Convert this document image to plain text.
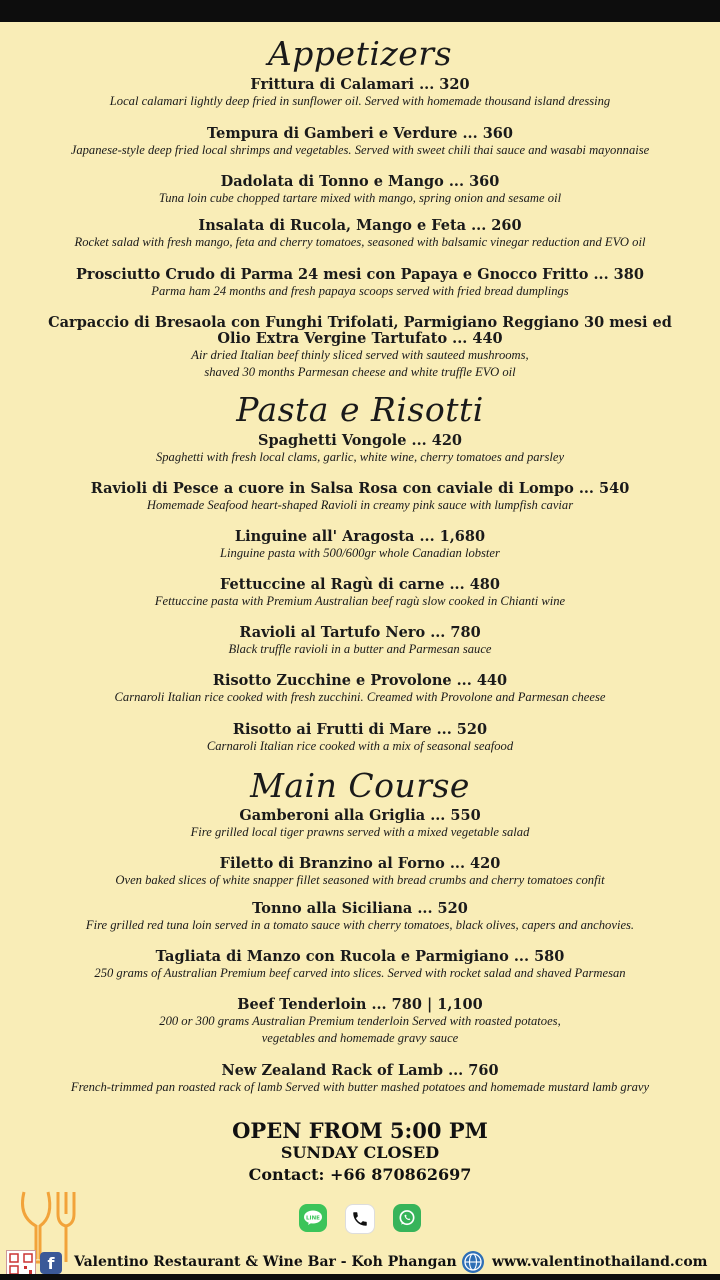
Appetizers
Frittura di Calamari ... 320
Local calamari lightly deep fried in sunflower oil. Served with homemade thousand island dressing
Tempura di Gamberi e Verdure ... 360
Japanese-style deep fried local shrimps and vegetables. Served with sweet chili thai sauce and wasabi mayonnaise
Dadolata di Tonno e Mango ... 360
Tuna loin cube chopped tartare mixed with mango, spring onion and sesame oil
Insalata di Rucola, Mango e Feta ... 260
Rocket salad with fresh mango, feta and cherry tomatoes, seasoned with balsamic vinegar reduction and EVO oil
Prosciutto Crudo di Parma 24 mesi con Papaya e Gnocco Fritto ... 380
Parma ham 24 months and fresh papaya scoops served with fried bread dumplings
Carpaccio di Bresaola con Funghi Trifolati, Parmigiano Reggiano 30 mesi ed
Olio Extra Vergine Tartufato ... 440
Air dried Italian beef thinly sliced served with sauteed mushrooms,
shaved 30 months Parmesan cheese and white truffle EVO oil
Pasta e Risotti
Spaghetti Vongole ... 420
Spaghetti with fresh local clams, garlic, white wine, cherry tomatoes and parsley
Ravioli di Pesce a cuore in Salsa Rosa con caviale di Lompo ... 540
Homemade Seafood heart-shaped Ravioli in creamy pink sauce with lumpfish caviar
Linguine all' Aragosta ... 1,680
Linguine pasta with 500/600gr whole Canadian lobster
Fettuccine al Ragù di carne ... 480
Fettuccine pasta with Premium Australian beef ragù slow cooked in Chianti wine
Ravioli al Tartufo Nero ... 780
Black truffle ravioli in a butter and Parmesan sauce
Risotto Zucchine e Provolone ... 440
Carnaroli Italian rice cooked with fresh zucchini. Creamed with Provolone and Parmesan cheese
Risotto ai Frutti di Mare ... 520
Carnaroli Italian rice cooked with a mix of seasonal seafood
Main Course
Gamberoni alla Griglia ... 550
Fire grilled local tiger prawns served with a mixed vegetable salad
Filetto di Branzino al Forno ... 420
Oven baked slices of white snapper fillet seasoned with bread crumbs and cherry tomatoes confit
Tonno alla Siciliana ... 520
Fire grilled red tuna loin served in a tomato sauce with cherry tomatoes, black olives, capers and anchovies.
Tagliata di Manzo con Rucola e Parmigiano ... 580
250 grams of Australian Premium beef carved into slices. Served with rocket salad and shaved Parmesan
Beef Tenderloin ... 780 | 1,100
200 or 300 grams Australian Premium tenderloin Served with roasted potatoes,
vegetables and homemade gravy sauce
New Zealand Rack of Lamb ... 760
French-trimmed pan roasted rack of lamb Served with butter mashed potatoes and homemade mustard lamb gravy
OPEN FROM 5:00 PM
SUNDAY CLOSED
Contact: +66 870862697
LINE
f	Valentino Restaurant & Wine Bar - Koh Phangan	www.valentinothailand.com
